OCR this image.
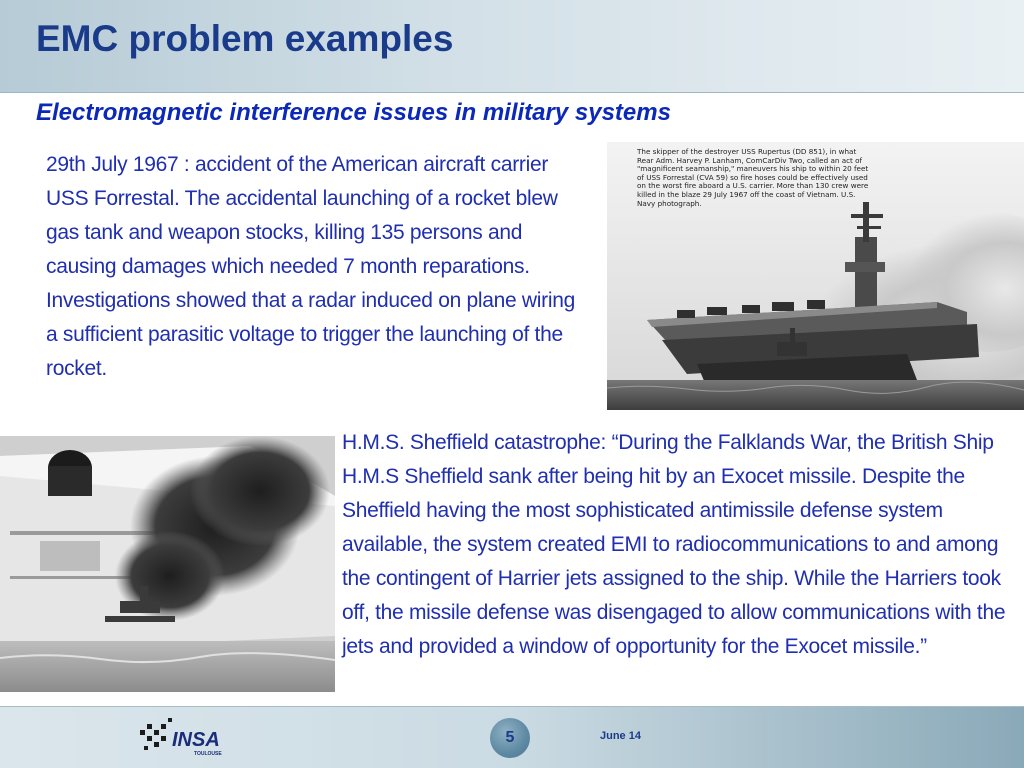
EMC problem examples
Electromagnetic interference issues in military systems

29th July 1967 : accident of the American aircraft carrier USS Forrestal. The accidental launching of a rocket blew gas tank and weapon stocks, killing 135 persons and causing damages which needed 7 month reparations. Investigations showed that a radar induced on plane wiring a sufficient parasitic voltage to trigger the launching of the rocket.

The skipper of the destroyer USS Rupertus (DD 851), in what

Rear Adm. Harvey P. Lanham, ComCarDiv Two, called an act of

"magnificent seamanship," maneuvers his ship to within 20 feet

of USS Forrestal (CVA 59) so fire hoses could be effectively used

on the worst fire aboard a U.S. carrier. More than 130 crew were

killed in the blaze 29 July 1967 off the coast of Vietnam. U.S.

Navy photograph.

H.M.S. Sheffield catastrophe: “During the Falklands War, the British Ship H.M.S Sheffield sank after being hit by an Exocet missile. Despite the Sheffield having the most sophisticated antimissile defense system available, the system created EMI to radiocommunications to and among the contingent of Harrier jets assigned to the ship. While the Harriers took off, the missile defense was disengaged to allow communications with the jets and provided a window of opportunity for the Exocet missile.”

INSA
TOULOUSE
5	June 14
